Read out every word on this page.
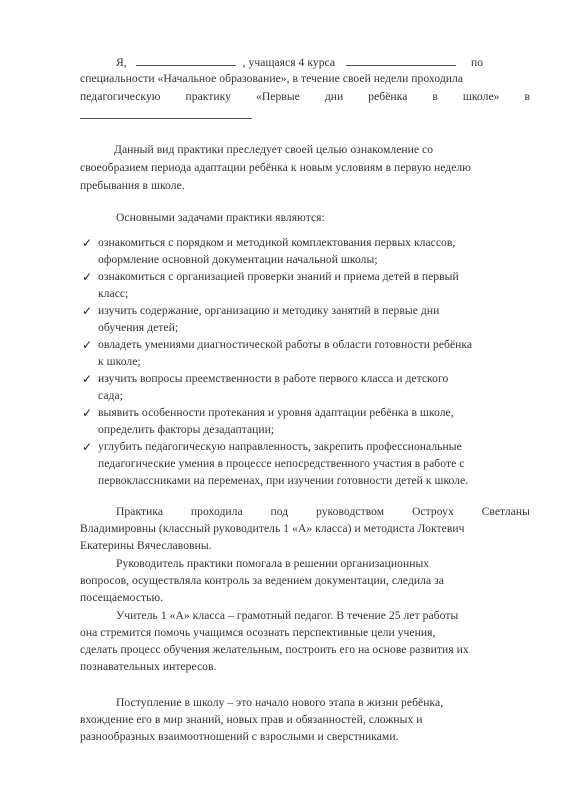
Я,	, учащаяся 4 курса	по
специальности «Начальное образование», в течение своей недели проходила
педагогическую практику «Первые дни ребёнка в школе» в
Данный вид практики преследует своей целью ознакомление со
своеобразием периода адаптации ребёнка к новым условиям в первую неделю
пребывания в школе.
Основными задачами практики являются:
✓ ознакомиться с порядком и методикой комплектования первых классов,
оформление основной документации начальной школы;
✓ ознакомиться с организацией проверки знаний и приема детей в первый
класс;
✓ изучить содержание, организацию и методику занятий в первые дни
обучения детей;
✓ овладеть умениями диагностической работы в области готовности ребёнка
к школе;
✓ изучить вопросы преемственности в работе первого класса и детского
сада;
✓ выявить особенности протекания и уровня адаптации ребёнка в школе,
определить факторы дезадаптации;
✓ углубить педагогическую направленность, закрепить профессиональные
педагогические умения в процессе непосредственного участия в работе с
первоклассниками на переменах, при изучении готовности детей к школе.
Практика проходила под руководством Остроух Светланы
Владимировны (классный руководитель 1 «А» класса) и методиста Локтевич
Екатерины Вячеславовны.
Руководитель практики помогала в решении организационных
вопросов, осуществляла контроль за ведением документации, следила за
посещаемостью.
Учитель 1 «А» класса – грамотный педагог. В течение 25 лет работы
она стремится помочь учащимся осознать перспективные цели учения,
сделать процесс обучения желательным, построить его на основе развития их
познавательных интересов.
Поступление в школу – это начало нового этапа в жизни ребёнка,
вхождение его в мир знаний, новых прав и обязанностей, сложных и
разнообразных взаимоотношений с взрослыми и сверстниками.
